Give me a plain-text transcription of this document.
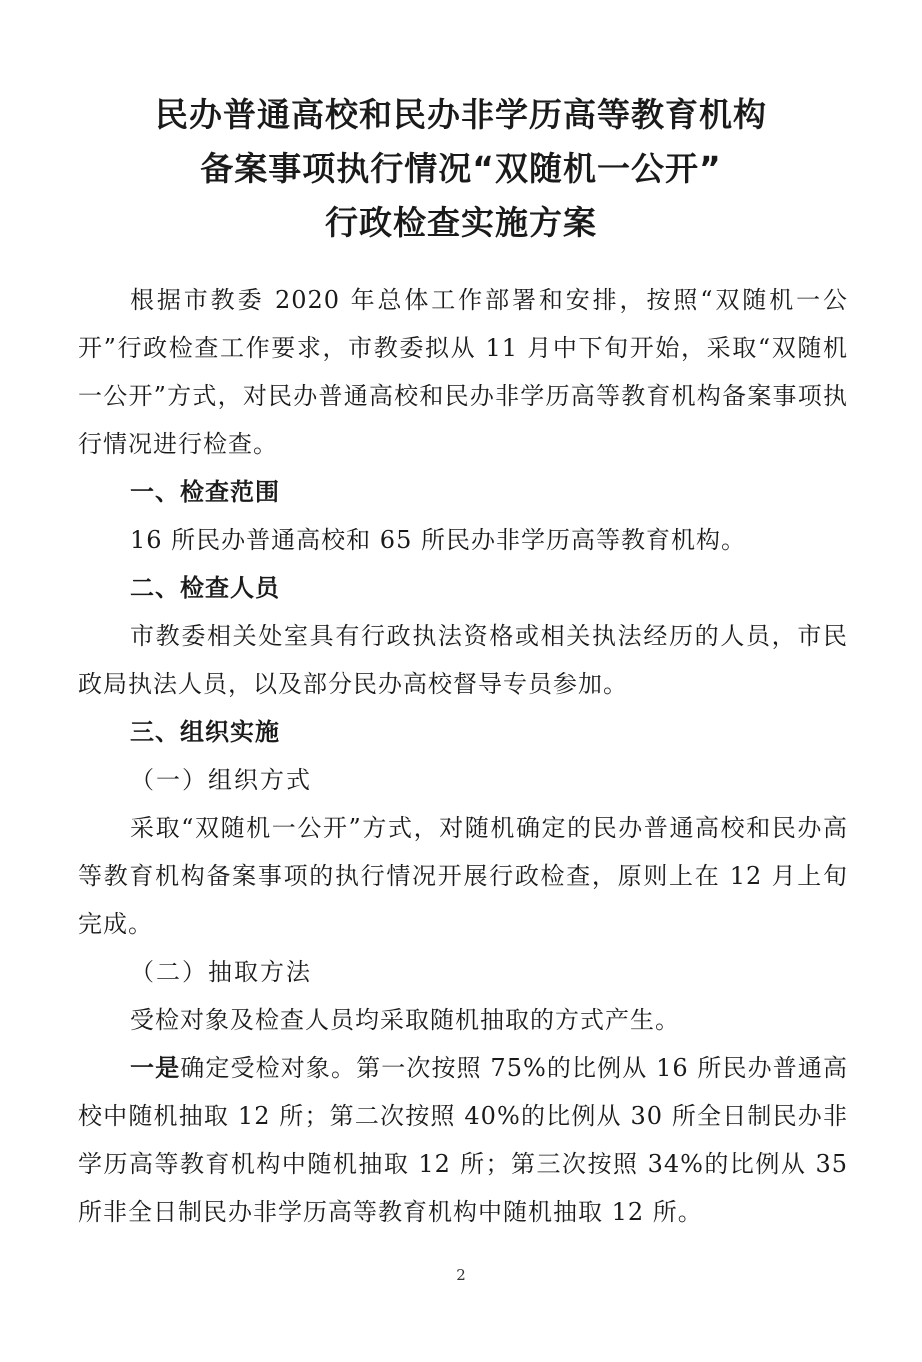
民办普通高校和民办非学历高等教育机构
备案事项执行情况“双随机一公开”
行政检查实施方案

根据市教委 2020 年总体工作部署和安排，按照“双随机一公开”行政检查工作要求，市教委拟从 11 月中下旬开始，采取“双随机一公开”方式，对民办普通高校和民办非学历高等教育机构备案事项执行情况进行检查。

一、检查范围

16 所民办普通高校和 65 所民办非学历高等教育机构。

二、检查人员

市教委相关处室具有行政执法资格或相关执法经历的人员，市民政局执法人员，以及部分民办高校督导专员参加。

三、组织实施

（一）组织方式

采取“双随机一公开”方式，对随机确定的民办普通高校和民办高等教育机构备案事项的执行情况开展行政检查，原则上在 12 月上旬完成。

（二）抽取方法

受检对象及检查人员均采取随机抽取的方式产生。

一是确定受检对象。第一次按照 75%的比例从 16 所民办普通高校中随机抽取 12 所；第二次按照 40%的比例从 30 所全日制民办非学历高等教育机构中随机抽取 12 所；第三次按照 34%的比例从 35 所非全日制民办非学历高等教育机构中随机抽取 12 所。

2
